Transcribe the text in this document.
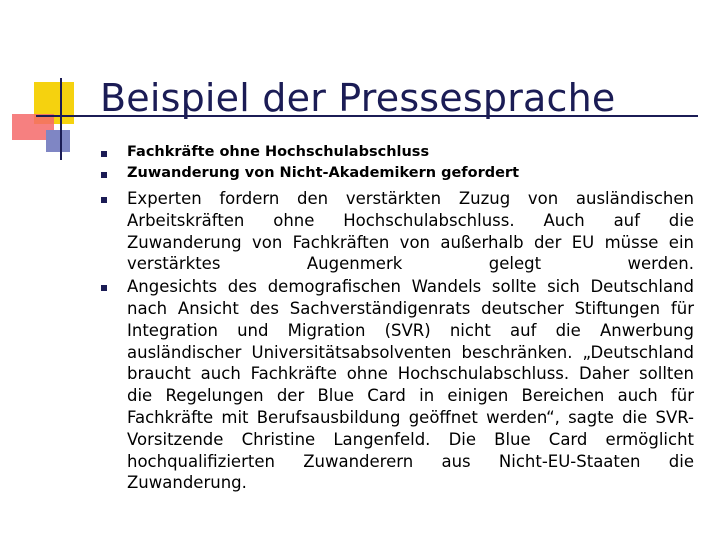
Beispiel der Pressesprache
Fachkräfte ohne Hochschulabschluss
Zuwanderung von Nicht-Akademikern gefordert
Experten fordern den verstärkten Zuzug von ausländischen Arbeitskräften ohne Hochschulabschluss. Auch auf die Zuwanderung von Fachkräften von außerhalb der EU müsse ein verstärktes Augenmerk gelegt werden.
Angesichts des demografischen Wandels sollte sich Deutschland nach Ansicht des Sachverständigenrats deutscher Stiftungen für Integration und Migration (SVR) nicht auf die Anwerbung ausländischer Universitätsabsolventen beschränken. „Deutschland braucht auch Fachkräfte ohne Hochschulabschluss. Daher sollten die Regelungen der Blue Card in einigen Bereichen auch für Fachkräfte mit Berufsausbildung geöffnet werden“, sagte die SVR-Vorsitzende Christine Langenfeld. Die Blue Card ermöglicht hochqualifizierten Zuwanderern aus Nicht-EU-Staaten die Zuwanderung.
